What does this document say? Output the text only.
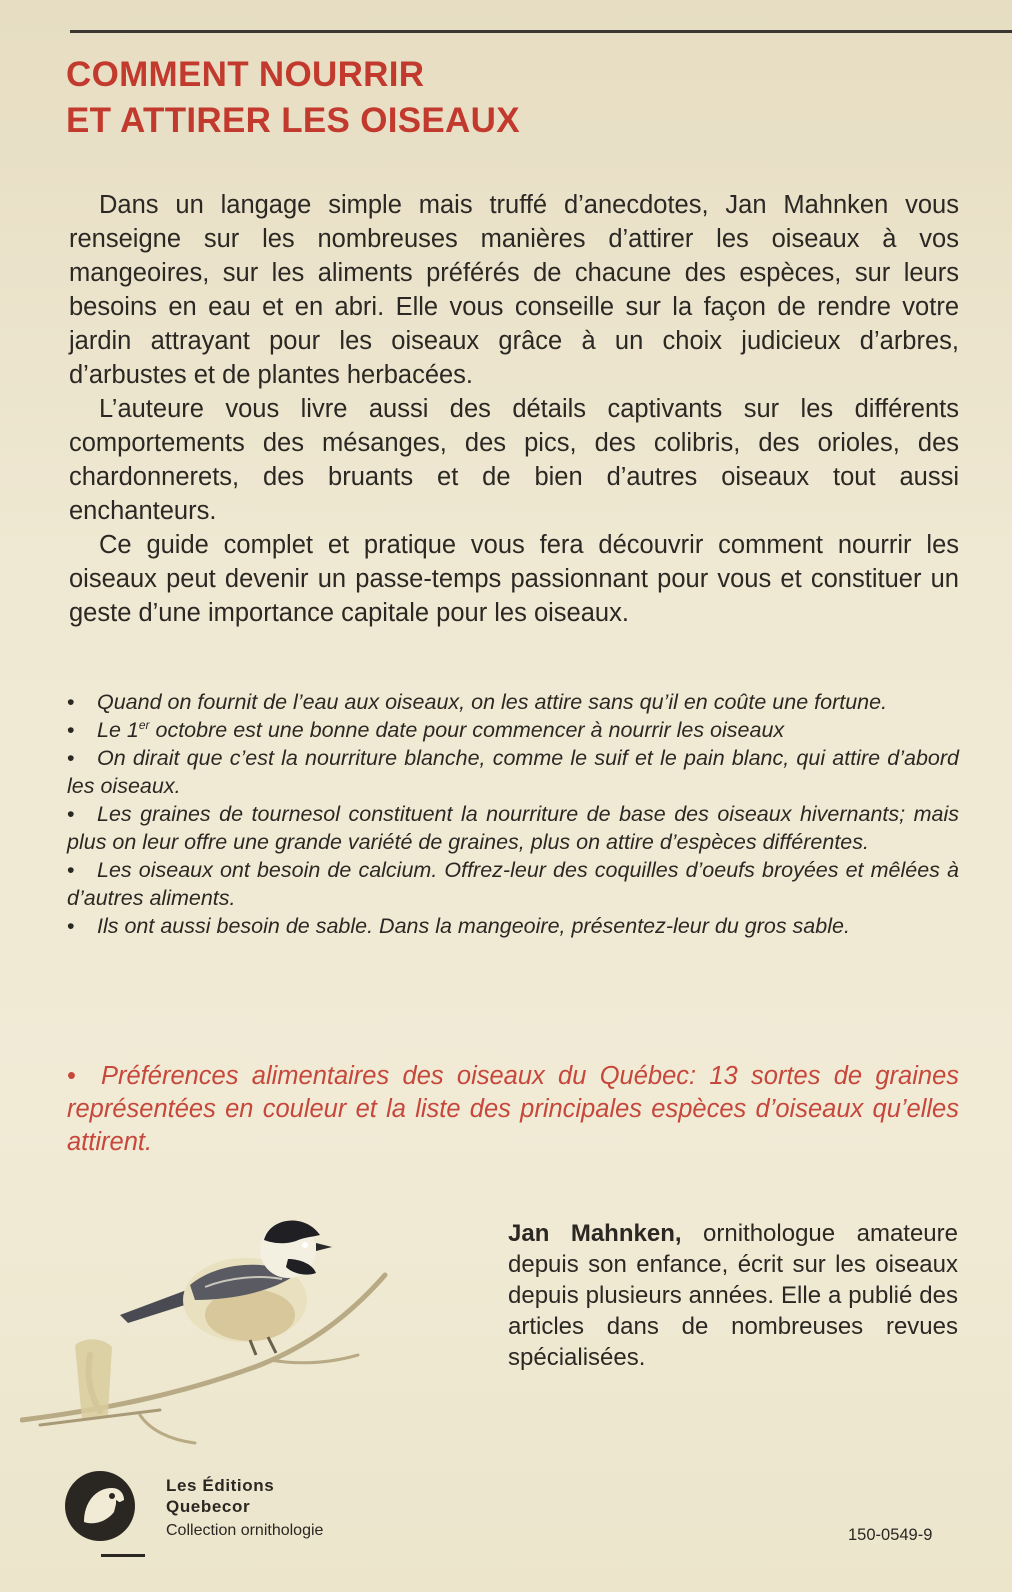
COMMENT NOURRIR
ET ATTIRER LES OISEAUX

Dans un langage simple mais truffé d’anecdotes, Jan Mahnken vous renseigne sur les nombreuses manières d’attirer les oiseaux à vos mangeoires, sur les aliments préférés de chacune des espèces, sur leurs besoins en eau et en abri. Elle vous conseille sur la façon de rendre votre jardin attrayant pour les oiseaux grâce à un choix judicieux d’arbres, d’arbustes et de plantes herbacées.

L’auteure vous livre aussi des détails captivants sur les différents comportements des mésanges, des pics, des colibris, des orioles, des chardonnerets, des bruants et de bien d’autres oiseaux tout aussi enchanteurs.

Ce guide complet et pratique vous fera découvrir comment nourrir les oiseaux peut devenir un passe-temps passionnant pour vous et constituer un geste d’une importance capitale pour les oiseaux.

• Quand on fournit de l’eau aux oiseaux, on les attire sans qu’il en coûte une fortune.
• Le 1er octobre est une bonne date pour commencer à nourrir les oiseaux
• On dirait que c’est la nourriture blanche, comme le suif et le pain blanc, qui attire d’abord les oiseaux.
• Les graines de tournesol constituent la nourriture de base des oiseaux hivernants; mais plus on leur offre une grande variété de graines, plus on attire d’espèces différentes.
• Les oiseaux ont besoin de calcium. Offrez-leur des coquilles d’oeufs broyées et mêlées à d’autres aliments.
• Ils ont aussi besoin de sable. Dans la mangeoire, présentez-leur du gros sable.

• Préférences alimentaires des oiseaux du Québec: 13 sortes de graines représentées en couleur et la liste des principales espèces d’oiseaux qu’elles attirent.

Jan Mahnken, ornithologue amateure depuis son enfance, écrit sur les oiseaux depuis plusieurs années. Elle a publié des articles dans de nombreuses revues spécialisées.
Les Éditions
Quebecor
Collection ornithologie	150-0549-9
